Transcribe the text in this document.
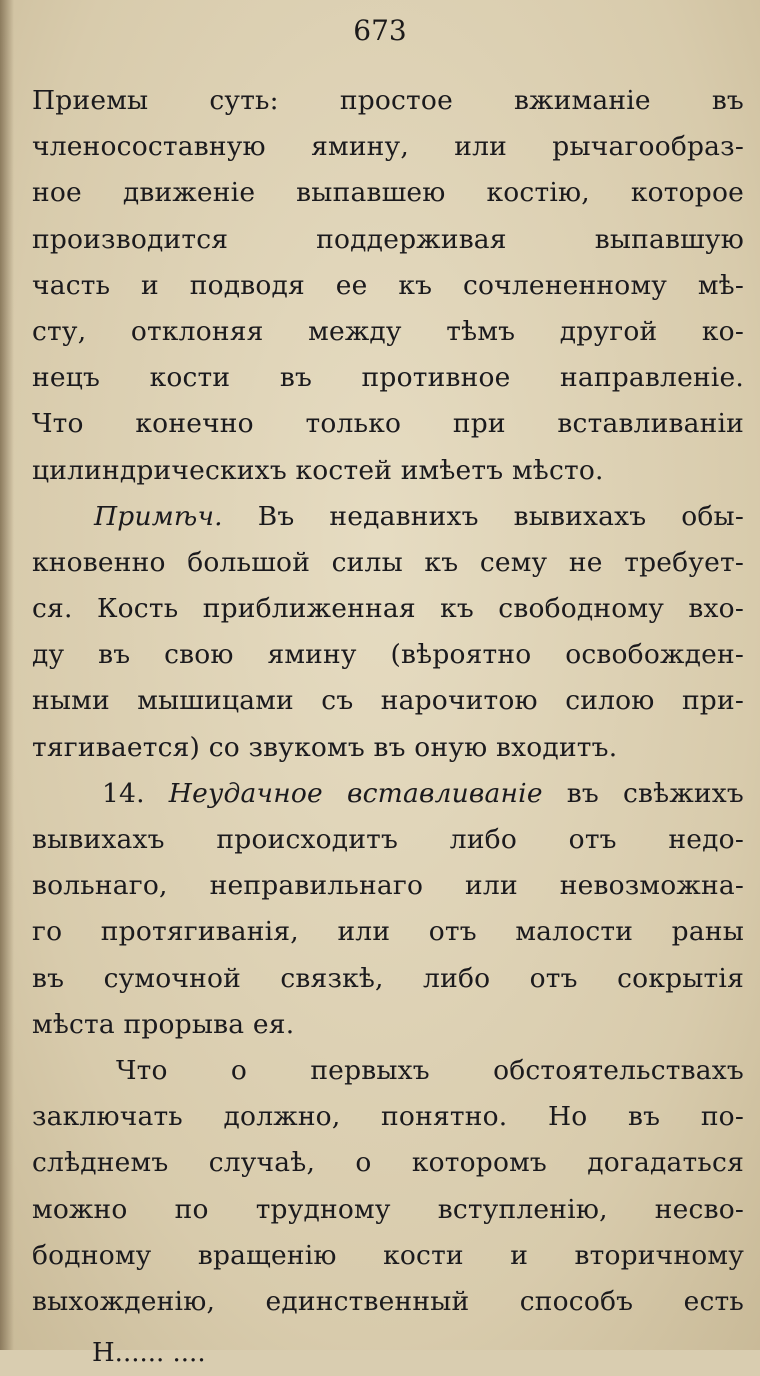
673
Приемы суть: простое вжиманіе въ
членосоставную ямину, или рычагообраз-
ное движеніе выпавшею костію, которое
производится поддерживая выпавшую
часть и подводя ее къ сочлененному мѣ-
сту, отклоняя между тѣмъ другой ко-
нецъ кости въ противное направленіе.
Что конечно только при вставливаніи
цилиндрическихъ костей имѣетъ мѣсто.
Примѣч. Въ недавнихъ вывихахъ обы-
кновенно большой силы къ сему не требует-
ся. Кость приближенная къ свободному вхо-
ду въ свою ямину (вѣроятно освобожден-
ными мышицами съ нарочитою силою при-
тягивается) со звукомъ въ оную входитъ.
14. Неудачное вставливаніе въ свѣжихъ
вывихахъ происходитъ либо отъ недо-
вольнаго, неправильнаго или невозможна-
го протягиванія, или отъ малости раны
въ сумочной связкѣ, либо отъ сокрытія
мѣста прорыва ея.
Что о первыхъ обстоятельствахъ
заключать должно, понятно. Но въ по-
слѣднемъ случаѣ, о которомъ догадаться
можно по трудному вступленію, несво-
бодному вращенію кости и вторичному
выхожденію, единственный способъ есть
Н...... ....
